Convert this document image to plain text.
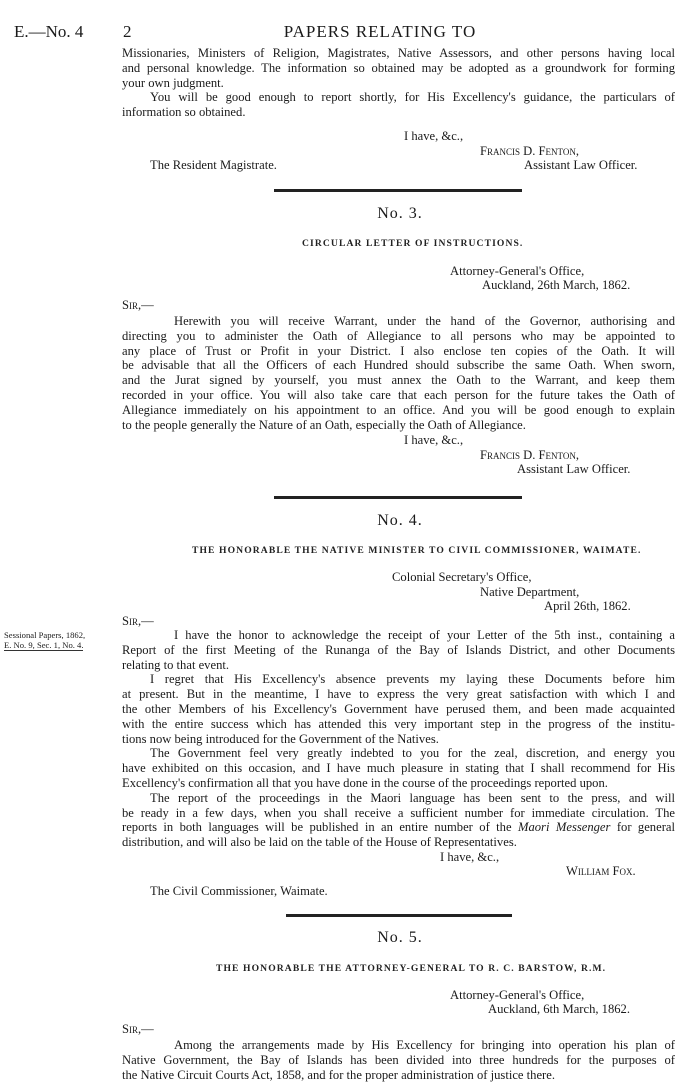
E.—No. 4 2	PAPERS RELATING TO
Missionaries, Ministers of Religion, Magistrates, Native Assessors, and other persons having local
and personal knowledge. The information so obtained may be adopted as a groundwork for forming
your own judgment.
You will be good enough to report shortly, for His Excellency's guidance, the particulars of
information so obtained.
I have, &c.,
Francis D. Fenton,
The Resident Magistrate.	Assistant Law Officer.
No. 3.
CIRCULAR LETTER OF INSTRUCTIONS.
Attorney-General's Office,
Auckland, 26th March, 1862.
Sir,—
Herewith you will receive Warrant, under the hand of the Governor, authorising and
directing you to administer the Oath of Allegiance to all persons who may be appointed to
any place of Trust or Profit in your District. I also enclose ten copies of the Oath. It will
be advisable that all the Officers of each Hundred should subscribe the same Oath. When sworn,
and the Jurat signed by yourself, you must annex the Oath to the Warrant, and keep them
recorded in your office. You will also take care that each person for the future takes the Oath of
Allegiance immediately on his appointment to an office. And you will be good enough to explain
to the people generally the Nature of an Oath, especially the Oath of Allegiance.
I have, &c.,
Francis D. Fenton,
Assistant Law Officer.
No. 4.
THE HONORABLE THE NATIVE MINISTER TO CIVIL COMMISSIONER, WAIMATE.
Colonial Secretary's Office,
Native Department,
April 26th, 1862.
Sir,—
Sessional Papers, 1862,
E. No. 9, Sec. 1, No. 4.
I have the honor to acknowledge the receipt of your Letter of the 5th inst., containing a
Report of the first Meeting of the Runanga of the Bay of Islands District, and other Documents
relating to that event.
I regret that His Excellency's absence prevents my laying these Documents before him
at present. But in the meantime, I have to express the very great satisfaction with which I and
the other Members of his Excellency's Government have perused them, and been made acquainted
with the entire success which has attended this very important step in the progress of the institu-
tions now being introduced for the Government of the Natives.
The Government feel very greatly indebted to you for the zeal, discretion, and energy you
have exhibited on this occasion, and I have much pleasure in stating that I shall recommend for His
Excellency's confirmation all that you have done in the course of the proceedings reported upon.
The report of the proceedings in the Maori language has been sent to the press, and will
be ready in a few days, when you shall receive a sufficient number for immediate circulation. The
reports in both languages will be published in an entire number of the Maori Messenger for general
distribution, and will also be laid on the table of the House of Representatives.
I have, &c.,
William Fox.
The Civil Commissioner, Waimate.
No. 5.
THE HONORABLE THE ATTORNEY-GENERAL TO R. C. BARSTOW, R.M.
Attorney-General's Office,
Auckland, 6th March, 1862.
Sir,—
Among the arrangements made by His Excellency for bringing into operation his plan of
Native Government, the Bay of Islands has been divided into three hundreds for the purposes of
the Native Circuit Courts Act, 1858, and for the proper administration of justice there.
